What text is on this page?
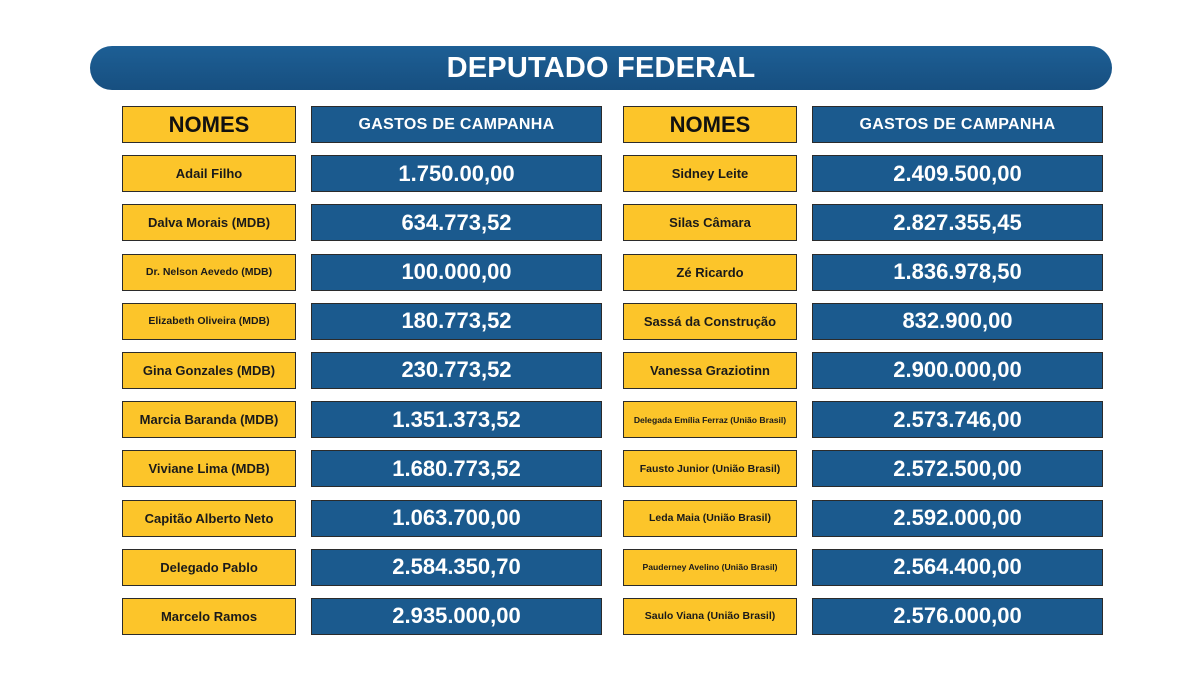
DEPUTADO FEDERAL
NOMES
Adail Filho
Dalva Morais (MDB)
Dr. Nelson Aevedo (MDB)
Elizabeth Oliveira (MDB)
Gina Gonzales (MDB)
Marcia Baranda (MDB)
Viviane Lima (MDB)
Capitão Alberto Neto
Delegado Pablo
Marcelo Ramos
GASTOS DE CAMPANHA
1.750.00,00
634.773,52
100.000,00
180.773,52
230.773,52
1.351.373,52
1.680.773,52
1.063.700,00
2.584.350,70
2.935.000,00
NOMES
Sidney Leite
Silas Câmara
Zé Ricardo
Sassá da Construção
Vanessa Graziotinn
Delegada Emília Ferraz (União Brasil)
Fausto Junior (União Brasil)
Leda Maia (União Brasil)
Pauderney Avelino (União Brasil)
Saulo Viana (União Brasil)
GASTOS DE CAMPANHA
2.409.500,00
2.827.355,45
1.836.978,50
832.900,00
2.900.000,00
2.573.746,00
2.572.500,00
2.592.000,00
2.564.400,00
2.576.000,00
